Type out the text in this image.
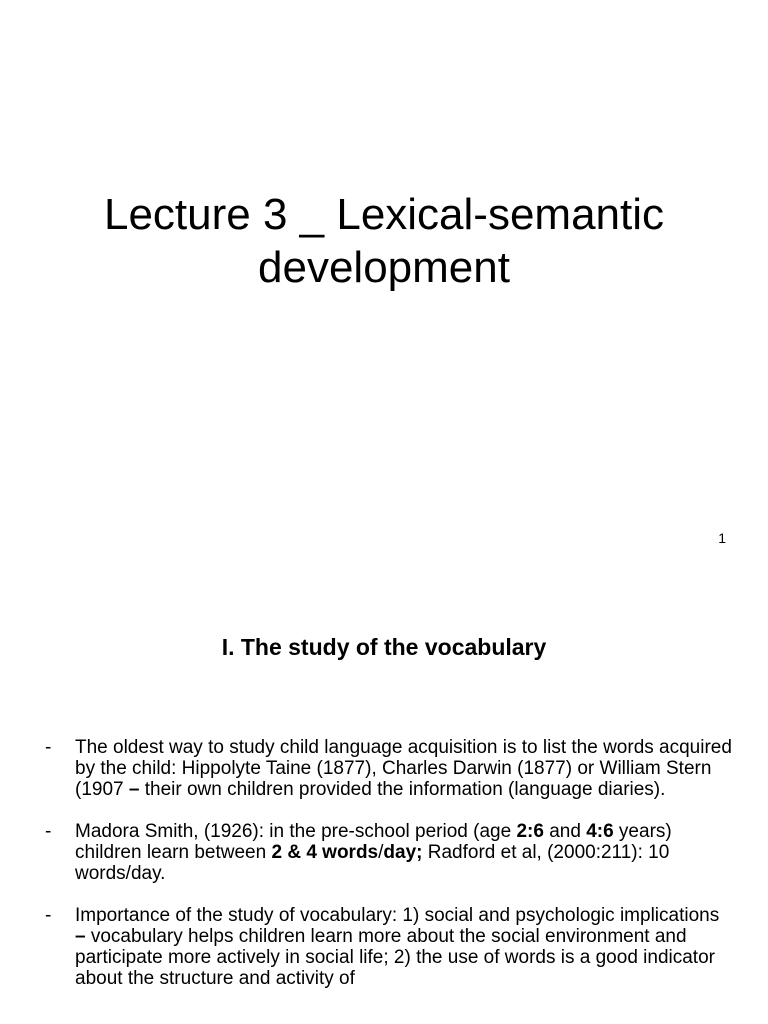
Lecture 3 _ Lexical-semantic
development
1
I. The study of the vocabulary
- The oldest way to study child language acquisition is to list the words acquired by the child: Hippolyte Taine (1877), Charles Darwin (1877) or William Stern (1907 – their own children provided the information (language diaries).
- Madora Smith, (1926): in the pre-school period (age 2:6 and 4:6 years) children learn between 2 & 4 words/day; Radford et al, (2000:211): 10 words/day.
- Importance of the study of vocabulary: 1) social and psychologic implications – vocabulary helps children learn more about the social environment and participate more actively in social life; 2) the use of words is a good indicator about the structure and activity of
